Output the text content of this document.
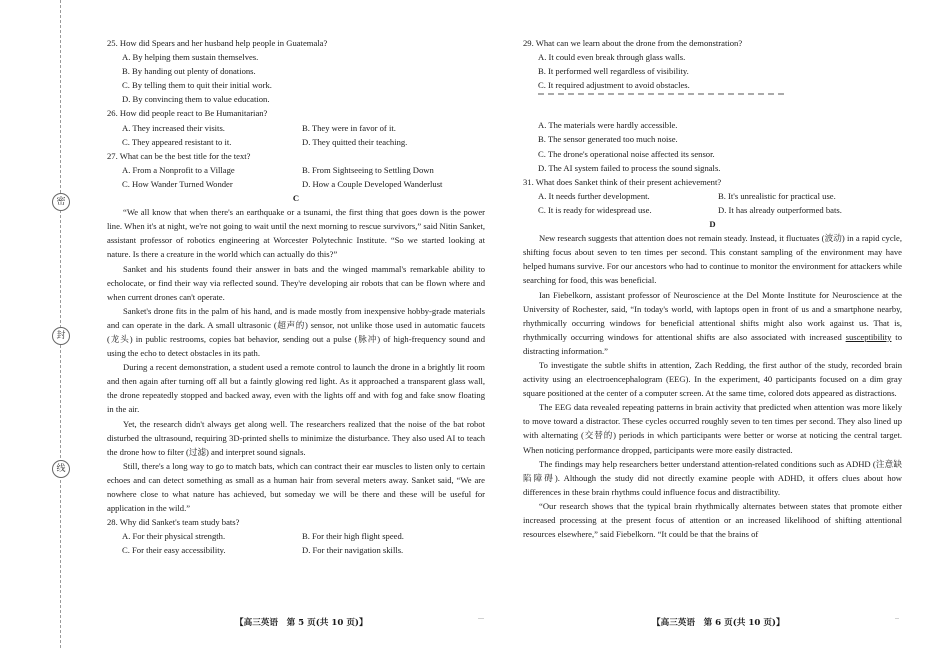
密
封
线

25. How did Spears and her husband help people in Guatemala?

A. By helping them sustain themselves.

B. By handing out plenty of donations.

C. By telling them to quit their initial work.

D. By convincing them to value education.

26. How did people react to Be Humanitarian?

A. They increased their visits.	B. They were in favor of it.
C. They appeared resistant to it.	D. They quitted their teaching.

27. What can be the best title for the text?

A. From a Nonprofit to a Village	B. From Sightseeing to Settling Down
C. How Wander Turned Wonder	D. How a Couple Developed Wanderlust

C

“We all know that when there's an earthquake or a tsunami, the first thing that goes down is the power line. When it's at night, we're not going to wait until the next morning to rescue survivors,” said Nitin Sanket, assistant professor of robotics engineering at Worcester Polytechnic Institute. “So we started looking at nature. Is there a creature in the world which can actually do this?”

Sanket and his students found their answer in bats and the winged mammal's remarkable ability to echolocate, or find their way via reflected sound. They're developing air robots that can be flown where and when current drones can't operate.

Sanket's drone fits in the palm of his hand, and is made mostly from inexpensive hobby-grade materials and can operate in the dark. A small ultrasonic (超声的) sensor, not unlike those used in automatic faucets (龙头) in public restrooms, copies bat behavior, sending out a pulse (脉冲) of high-frequency sound and using the echo to detect obstacles in its path.

During a recent demonstration, a student used a remote control to launch the drone in a brightly lit room and then again after turning off all but a faintly glowing red light. As it approached a transparent glass wall, the drone repeatedly stopped and backed away, even with the lights off and with fog and fake snow floating in the air.

Yet, the research didn't always get along well. The researchers realized that the noise of the bat robot disturbed the ultrasound, requiring 3D-printed shells to minimize the disturbance. They also used AI to teach the drone how to filter (过滤) and interpret sound signals.

Still, there's a long way to go to match bats, which can contract their ear muscles to listen only to certain echoes and can detect something as small as a human hair from several meters away. Sanket said, “We are nowhere close to what nature has achieved, but someday we will be there and these will be useful for application in the wild.”

28. Why did Sanket's team study bats?

A. For their physical strength.	B. For their high flight speed.
C. For their easy accessibility.	D. For their navigation skills.
【高三英语　第 5 页(共 10 页)】
...

29. What can we learn about the drone from the demonstration?

A. It could even break through glass walls.

B. It performed well regardless of visibility.

C. It required adjustment to avoid obstacles.

A. The materials were hardly accessible.

B. The sensor generated too much noise.

C. The drone's operational noise affected its sensor.

D. The AI system failed to process the sound signals.

31. What does Sanket think of their present achievement?

A. It needs further development.	B. It's unrealistic for practical use.
C. It is ready for widespread use.	D. It has already outperformed bats.

D

New research suggests that attention does not remain steady. Instead, it fluctuates (波动) in a rapid cycle, shifting focus about seven to ten times per second. This constant sampling of the environment may have helped humans survive. For our ancestors who had to continue to monitor the environment for attackers while searching for food, this was beneficial.

Ian Fiebelkorn, assistant professor of Neuroscience at the Del Monte Institute for Neuroscience at the University of Rochester, said, “In today's world, with laptops open in front of us and a smartphone nearby, rhythmically occurring windows for beneficial attentional shifts might also work against us. That is, rhythmically occurring windows for attentional shifts are also associated with increased susceptibility to distracting information.”

To investigate the subtle shifts in attention, Zach Redding, the first author of the study, recorded brain activity using an electroencephalogram (EEG). In the experiment, 40 participants focused on a dim gray square positioned at the center of a computer screen. At the same time, colored dots appeared as distractions.

The EEG data revealed repeating patterns in brain activity that predicted when attention was more likely to move toward a distractor. These cycles occurred roughly seven to ten times per second. They also lined up with alternating (交替的) periods in which participants were better or worse at noticing the central target. When noticing performance dropped, participants were more easily distracted.

The findings may help researchers better understand attention-related conditions such as ADHD (注意缺陷障碍). Although the study did not directly examine people with ADHD, it offers clues about how differences in these brain rhythms could influence focus and distractibility.

“Our research shows that the typical brain rhythmically alternates between states that promote either increased processing at the present focus of attention or an increased likelihood of shifting attentional resources elsewhere,” said Fiebelkorn. “It could be that the brains of

【高三英语　第 6 页(共 10 页)】
..
